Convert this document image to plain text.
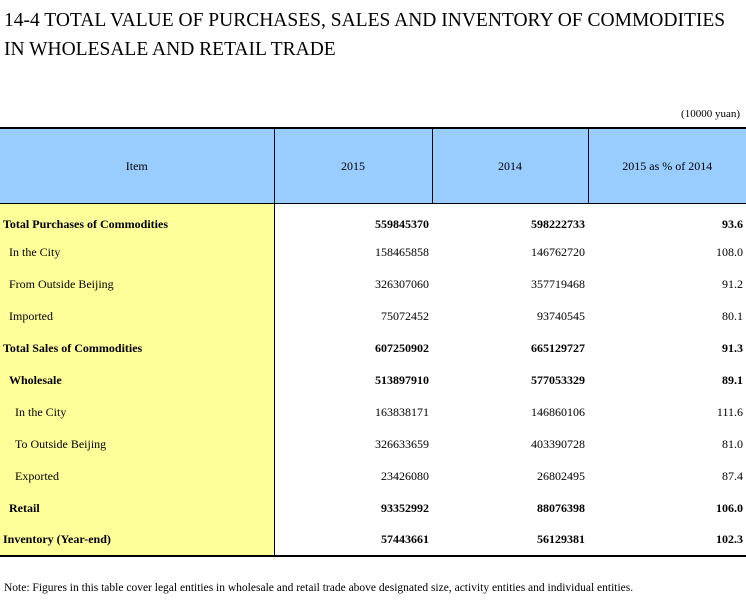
14-4 TOTAL VALUE OF PURCHASES, SALES AND INVENTORY OF COMMODITIES IN WHOLESALE AND RETAIL TRADE
(10000 yuan)
Item	2015	2014	2015 as % of 2014
Total Purchases of Commodities	559845370	598222733	93.6
In the City	158465858	146762720	108.0
From Outside Beijing	326307060	357719468	91.2
Imported	75072452	93740545	80.1
Total Sales of Commodities	607250902	665129727	91.3
Wholesale	513897910	577053329	89.1
In the City	163838171	146860106	111.6
To Outside Beijing	326633659	403390728	81.0
Exported	23426080	26802495	87.4
Retail	93352992	88076398	106.0
Inventory (Year-end)	57443661	56129381	102.3
Note: Figures in this table cover legal entities in wholesale and retail trade above designated size, activity entities and individual entities.
